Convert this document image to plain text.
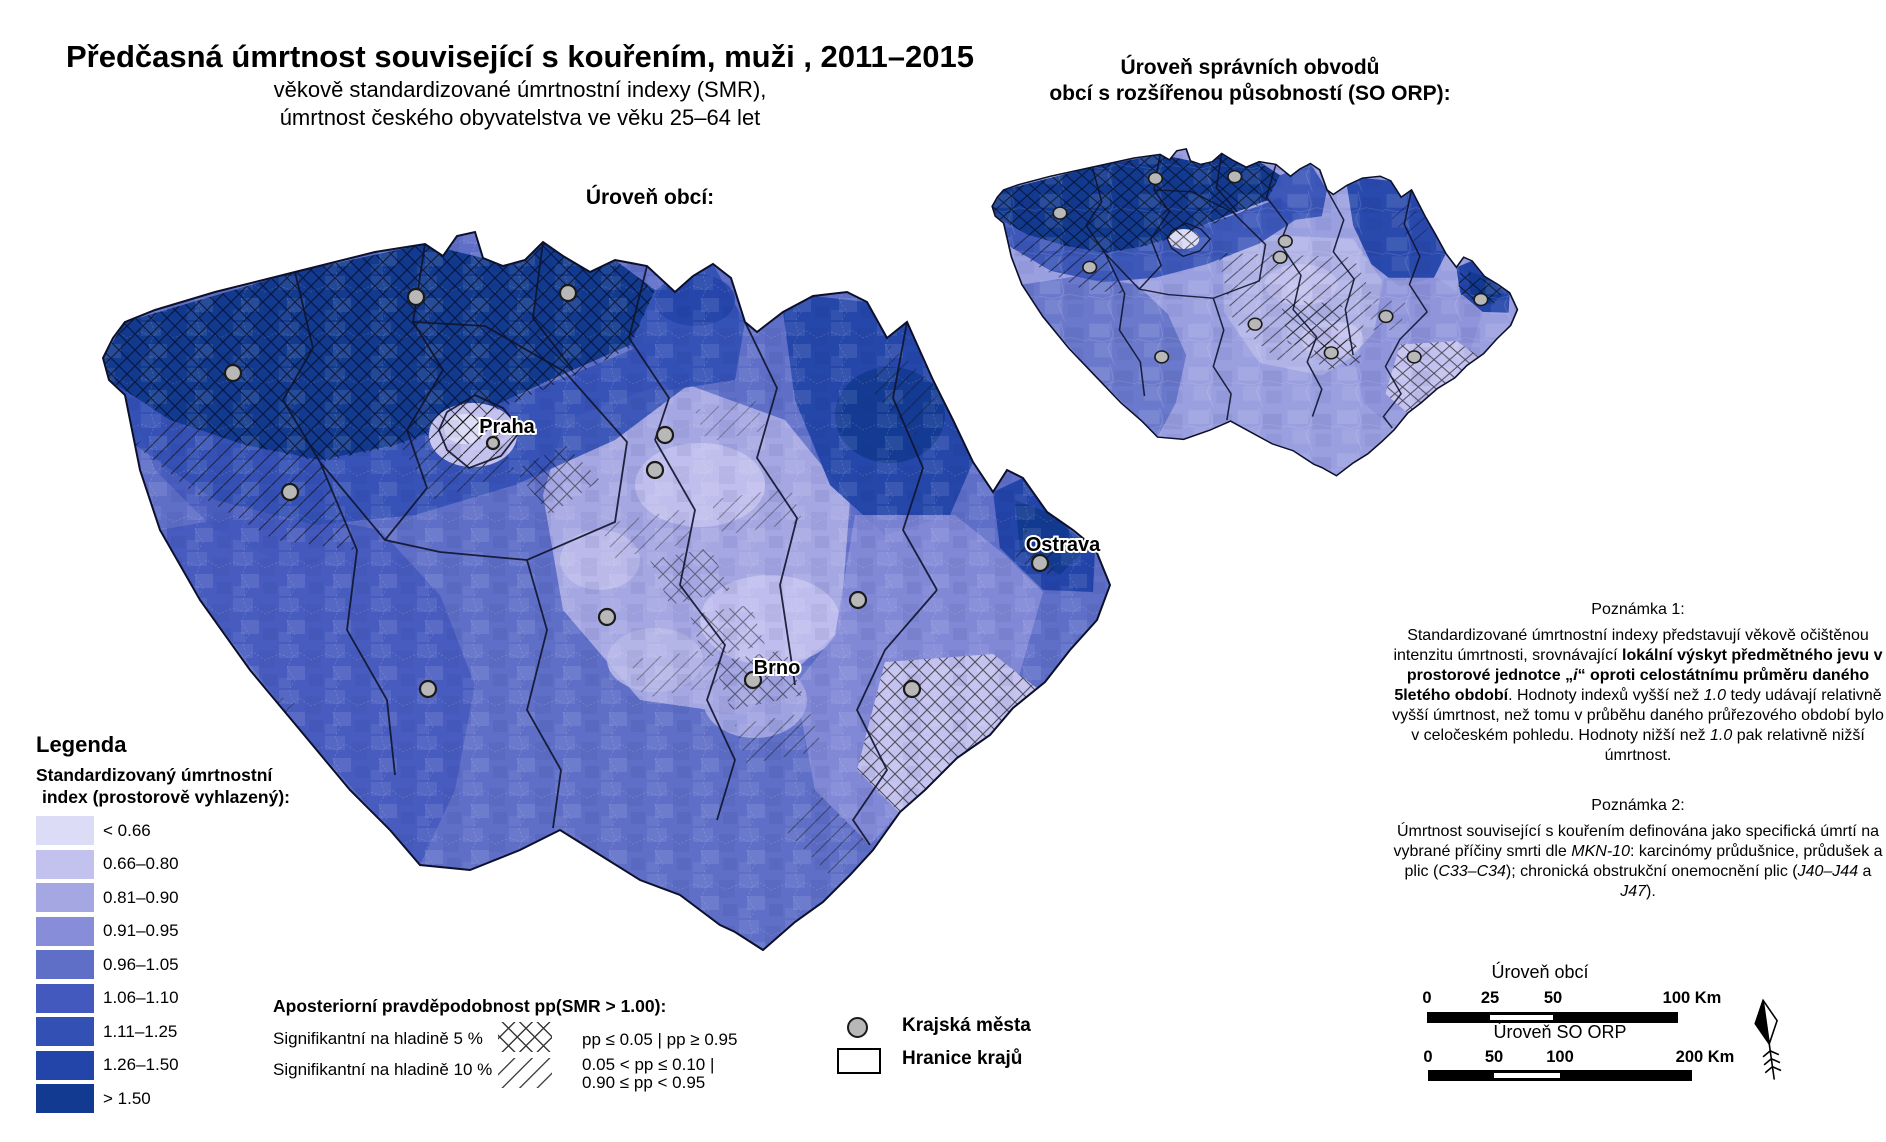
Předčasná úmrtnost související s kouřením, muži , 2011–2015
věkově standardizované úmrtnostní indexy (SMR),
úmrtnost českého obyvatelstva ve věku 25–64 let
Úroveň správních obvodů
obcí s rozšířenou působností (SO ORP):
Úroveň obcí:
Praha
Brno
Ostrava
Legenda
Standardizovaný úmrtnostní
index (prostorově vyhlazený):
< 0.66
0.66–0.80
0.81–0.90
0.91–0.95
0.96–1.05
1.06–1.10
1.11–1.25
1.26–1.50
> 1.50
Aposteriorní pravděpodobnost pp(SMR > 1.00):
Signifikantní na hladině 5 %	pp ≤ 0.05 | pp ≥ 0.95
Signifikantní na hladině 10 %	0.05 < pp ≤ 0.10 |
0.90 ≤ pp < 0.95
Krajská města
Hranice krajů
Poznámka 1:
Standardizované úmrtnostní indexy představují věkově očištěnou intenzitu úmrtnosti, srovnávající lokální výskyt předmětného jevu v prostorové jednotce „i“ oproti celostátnímu průměru daného 5letého období. Hodnoty indexů vyšší než 1.0 tedy udávají relativně vyšší úmrtnost, než tomu v průběhu daného průřezového období bylo v celočeském pohledu. Hodnoty nižší než 1.0 pak relativně nižší úmrtnost.
Poznámka 2:
Úmrtnost související s kouřením definována jako specifická úmrtí na vybrané příčiny smrti dle MKN-10: karcinómy průdušnice, průdušek a plic (C33–C34); chronická obstrukční onemocnění plic (J40–J44 a J47).
Úroveň obcí
0	25	50	100 Km
Úroveň SO ORP
0	50	100	200 Km
